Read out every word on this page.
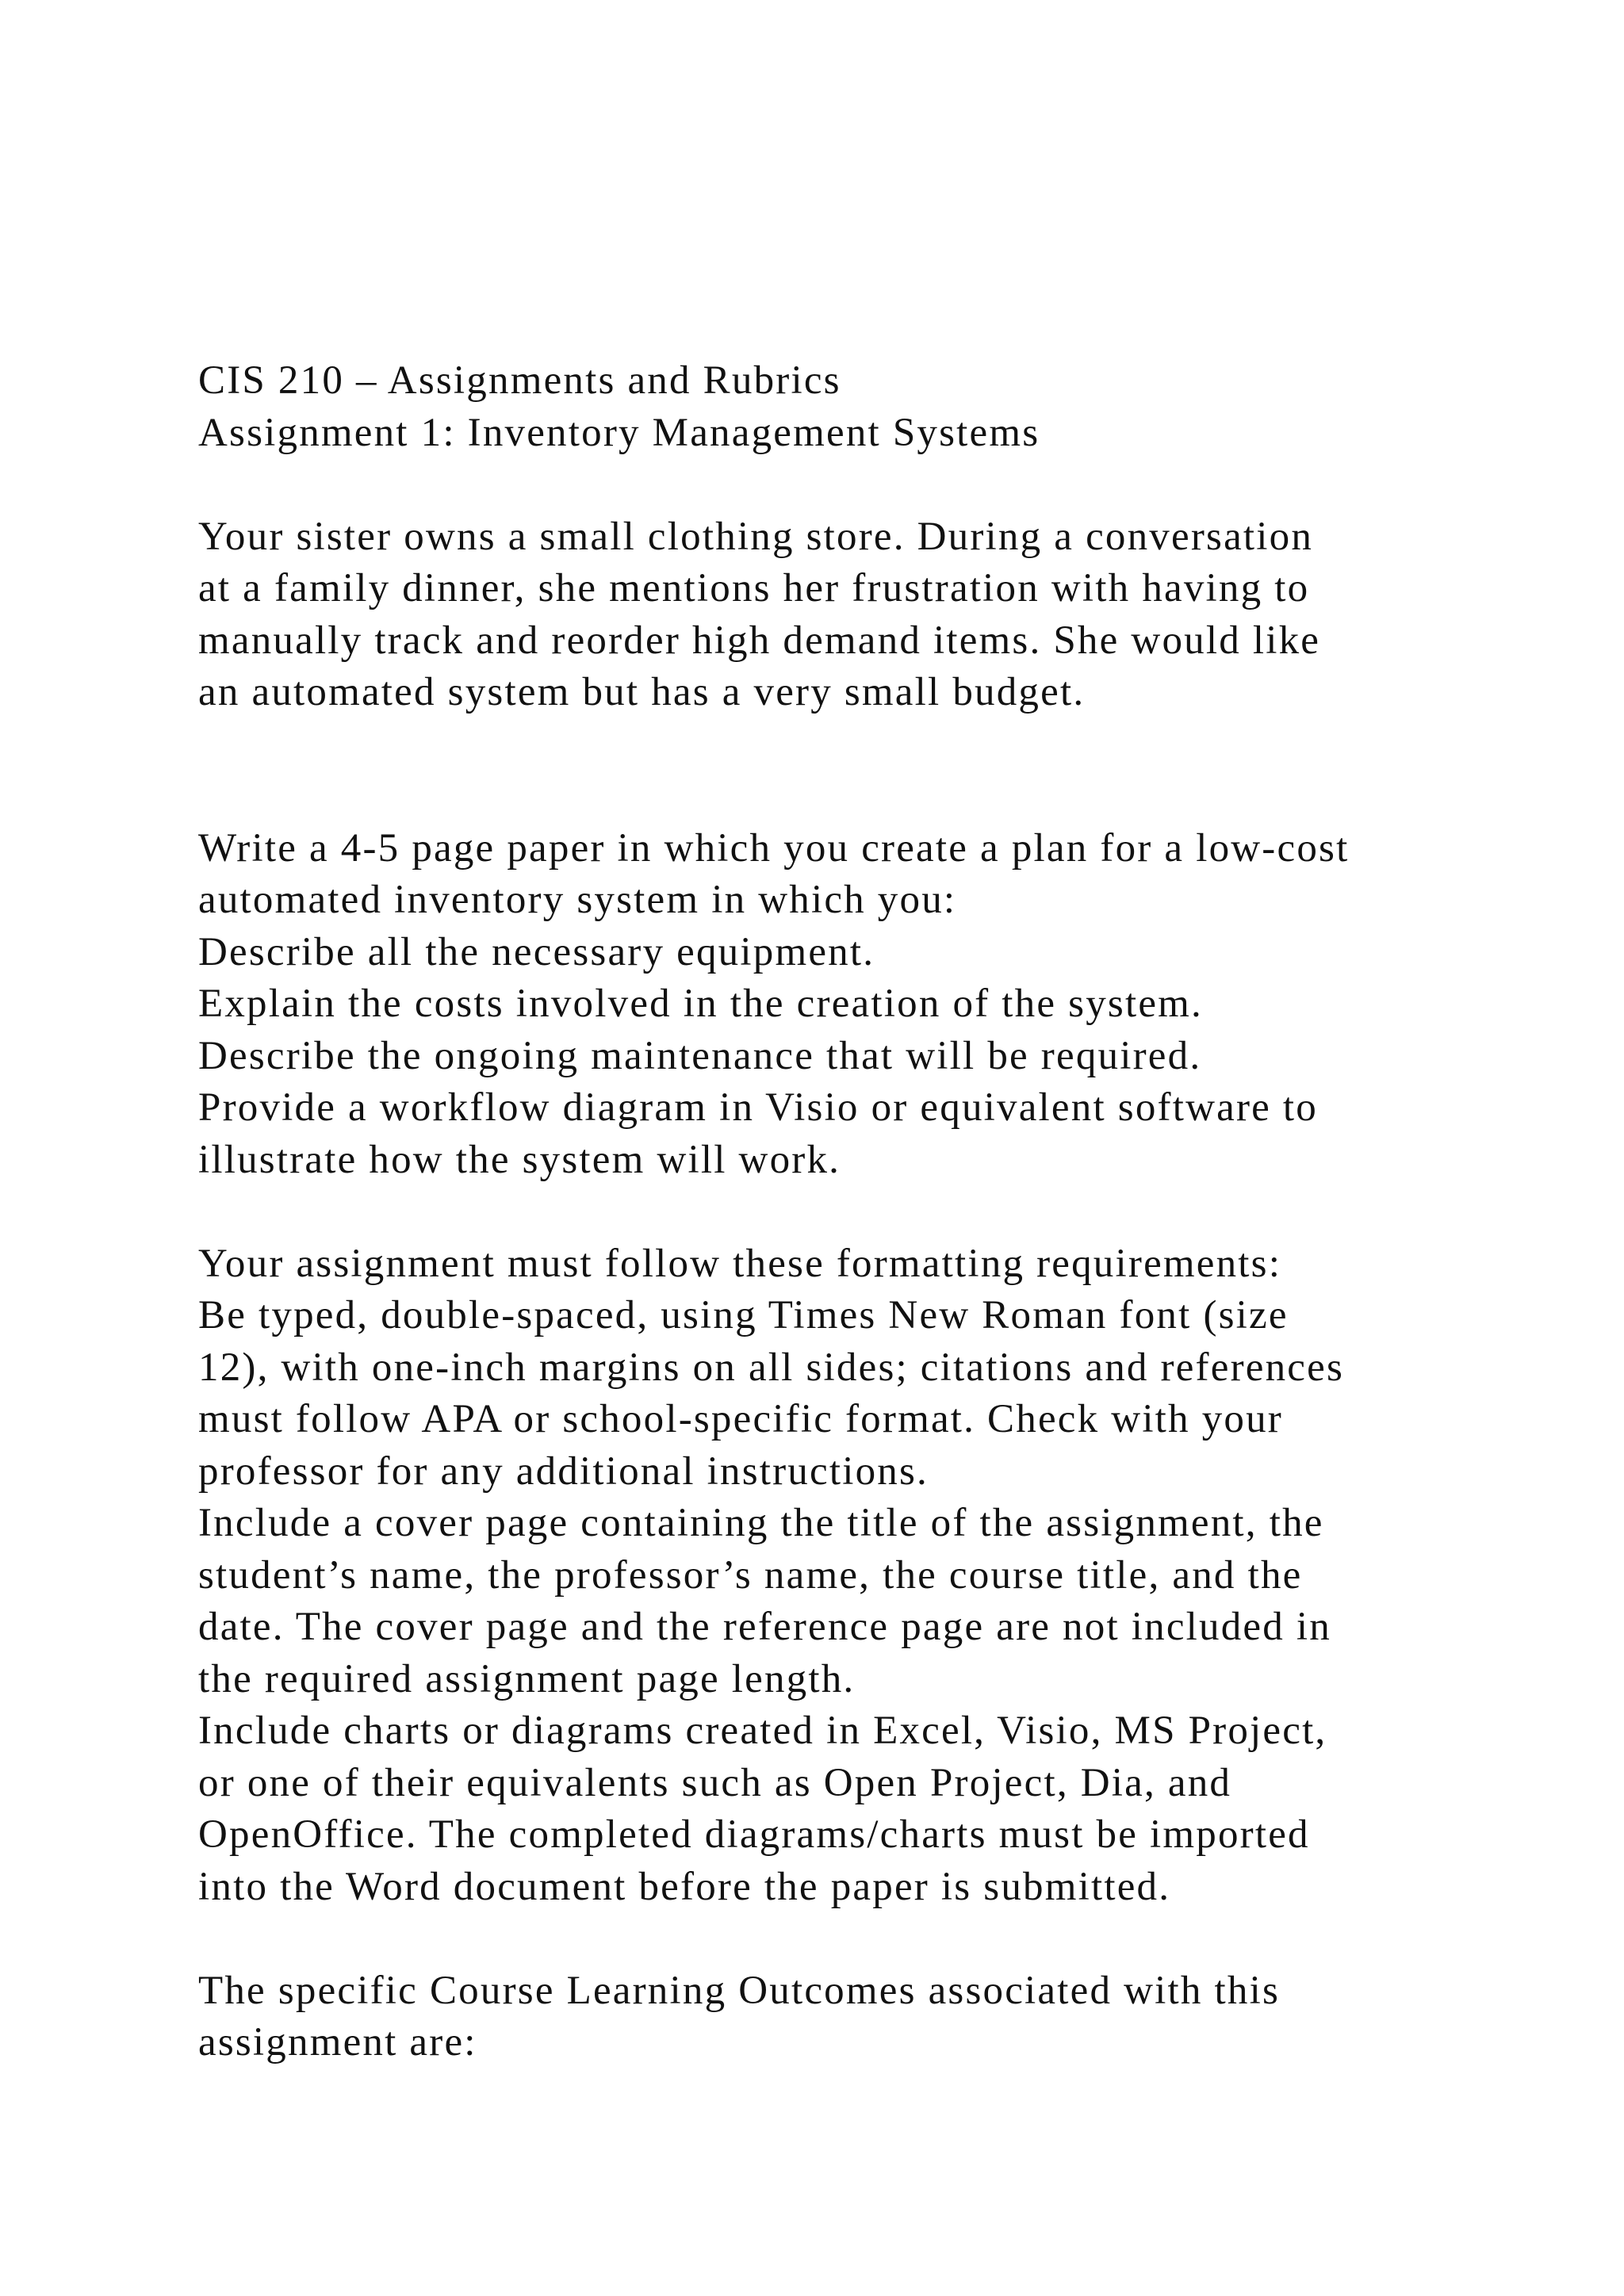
CIS 210 – Assignments and Rubrics
Assignment 1: Inventory Management Systems
Your sister owns a small clothing store. During a conversation
at a family dinner, she mentions her frustration with having to
manually track and reorder high demand items. She would like
an automated system but has a very small budget.
Write a 4-5 page paper in which you create a plan for a low-cost
automated inventory system in which you:
Describe all the necessary equipment.
Explain the costs involved in the creation of the system.
Describe the ongoing maintenance that will be required.
Provide a workflow diagram in Visio or equivalent software to
illustrate how the system will work.
Your assignment must follow these formatting requirements:
Be typed, double-spaced, using Times New Roman font (size
12), with one-inch margins on all sides; citations and references
must follow APA or school-specific format. Check with your
professor for any additional instructions.
Include a cover page containing the title of the assignment, the
student’s name, the professor’s name, the course title, and the
date. The cover page and the reference page are not included in
the required assignment page length.
Include charts or diagrams created in Excel, Visio, MS Project,
or one of their equivalents such as Open Project, Dia, and
OpenOffice. The completed diagrams/charts must be imported
into the Word document before the paper is submitted.
The specific Course Learning Outcomes associated with this
assignment are:
